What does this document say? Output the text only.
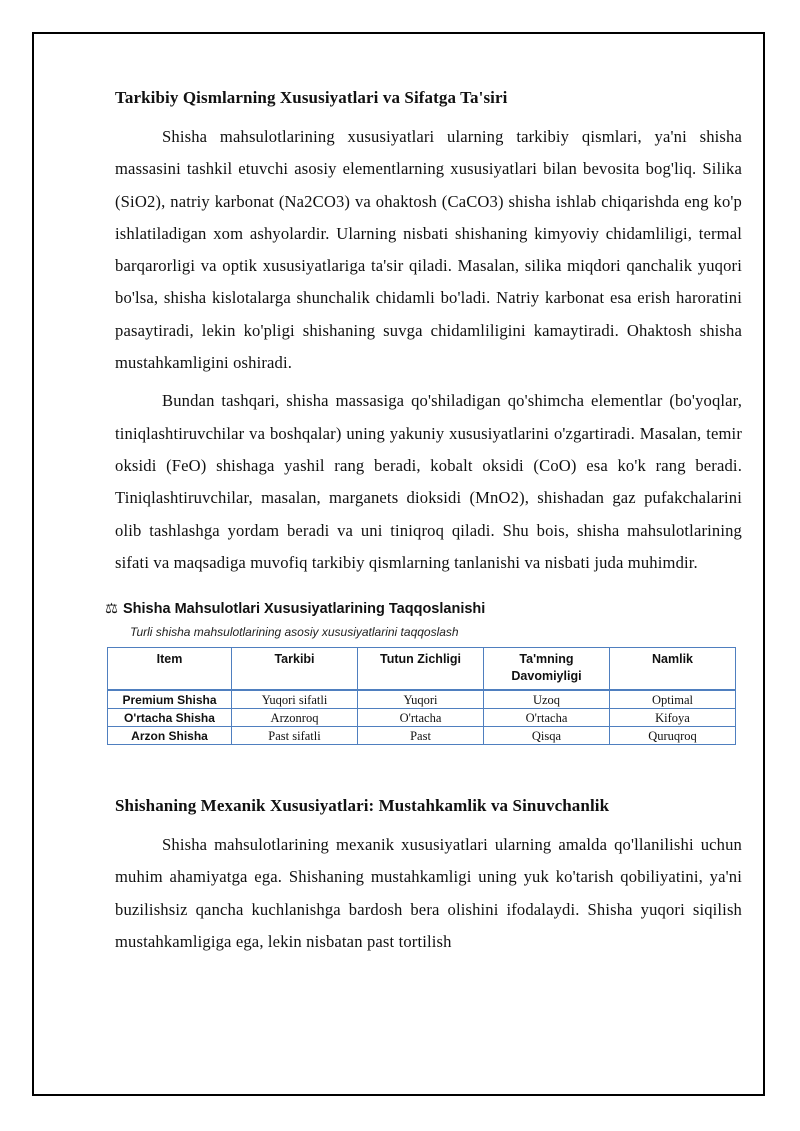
Tarkibiy Qismlarning Xususiyatlari va Sifatga Ta'siri

Shisha mahsulotlarining xususiyatlari ularning tarkibiy qismlari, ya'ni shisha massasini tashkil etuvchi asosiy elementlarning xususiyatlari bilan bevosita bog'liq. Silika (SiO2), natriy karbonat (Na2CO3) va ohaktosh (CaCO3) shisha ishlab chiqarishda eng ko'p ishlatiladigan xom ashyolardir. Ularning nisbati shishaning kimyoviy chidamliligi, termal barqarorligi va optik xususiyatlariga ta'sir qiladi. Masalan, silika miqdori qanchalik yuqori bo'lsa, shisha kislotalarga shunchalik chidamli bo'ladi. Natriy karbonat esa erish haroratini pasaytiradi, lekin ko'pligi shishaning suvga chidamliligini kamaytiradi. Ohaktosh shisha mustahkamligini oshiradi.

Bundan tashqari, shisha massasiga qo'shiladigan qo'shimcha elementlar (bo'yoqlar, tiniqlashtiruvchilar va boshqalar) uning yakuniy xususiyatlarini o'zgartiradi. Masalan, temir oksidi (FeO) shishaga yashil rang beradi, kobalt oksidi (CoO) esa ko'k rang beradi. Tiniqlashtiruvchilar, masalan, marganets dioksidi (MnO2), shishadan gaz pufakchalarini olib tashlashga yordam beradi va uni tiniqroq qiladi. Shu bois, shisha mahsulotlarining sifati va maqsadiga muvofiq tarkibiy qismlarning tanlanishi va nisbati juda muhimdir.

⚖ Shisha Mahsulotlari Xususiyatlarining Taqqoslanishi
Turli shisha mahsulotlarining asosiy xususiyatlarini taqqoslash
Item	Tarkibi	Tutun Zichligi	Ta'mning Davomiyligi	Namlik
Premium Shisha	Yuqori sifatli	Yuqori	Uzoq	Optimal
O'rtacha Shisha	Arzonroq	O'rtacha	O'rtacha	Kifoya
Arzon Shisha	Past sifatli	Past	Qisqa	Quruqroq
Shishaning Mexanik Xususiyatlari: Mustahkamlik va Sinuvchanlik

Shisha mahsulotlarining mexanik xususiyatlari ularning amalda qo'llanilishi uchun muhim ahamiyatga ega. Shishaning mustahkamligi uning yuk ko'tarish qobiliyatini, ya'ni buzilishsiz qancha kuchlanishga bardosh bera olishini ifodalaydi. Shisha yuqori siqilish mustahkamligiga ega, lekin nisbatan past tortilish
